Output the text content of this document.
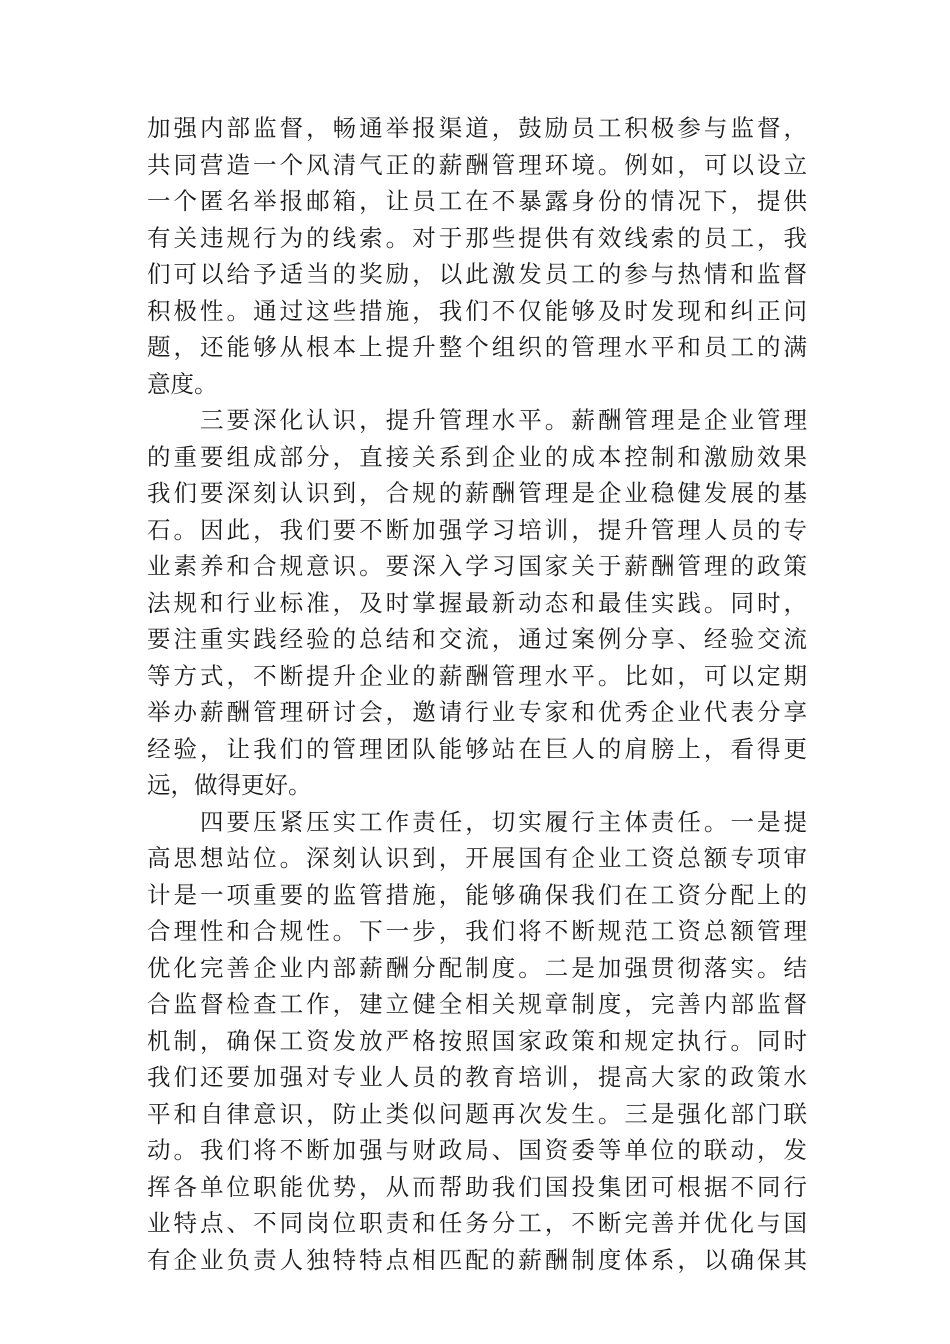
加强内部监督，畅通举报渠道，鼓励员工积极参与监督，
共同营造一个风清气正的薪酬管理环境。例如，可以设立
一个匿名举报邮箱，让员工在不暴露身份的情况下，提供
有关违规行为的线索。对于那些提供有效线索的员工，我
们可以给予适当的奖励，以此激发员工的参与热情和监督
积极性。通过这些措施，我们不仅能够及时发现和纠正问
题，还能够从根本上提升整个组织的管理水平和员工的满
意度。
　　三要深化认识，提升管理水平。薪酬管理是企业管理
的重要组成部分，直接关系到企业的成本控制和激励效果
我们要深刻认识到，合规的薪酬管理是企业稳健发展的基
石。因此，我们要不断加强学习培训，提升管理人员的专
业素养和合规意识。要深入学习国家关于薪酬管理的政策
法规和行业标准，及时掌握最新动态和最佳实践。同时，
要注重实践经验的总结和交流，通过案例分享、经验交流
等方式，不断提升企业的薪酬管理水平。比如，可以定期
举办薪酬管理研讨会，邀请行业专家和优秀企业代表分享
经验，让我们的管理团队能够站在巨人的肩膀上，看得更
远，做得更好。
　　四要压紧压实工作责任，切实履行主体责任。一是提
高思想站位。深刻认识到，开展国有企业工资总额专项审
计是一项重要的监管措施，能够确保我们在工资分配上的
合理性和合规性。下一步，我们将不断规范工资总额管理
优化完善企业内部薪酬分配制度。二是加强贯彻落实。结
合监督检查工作，建立健全相关规章制度，完善内部监督
机制，确保工资发放严格按照国家政策和规定执行。同时
我们还要加强对专业人员的教育培训，提高大家的政策水
平和自律意识，防止类似问题再次发生。三是强化部门联
动。我们将不断加强与财政局、国资委等单位的联动，发
挥各单位职能优势，从而帮助我们国投集团可根据不同行
业特点、不同岗位职责和任务分工，不断完善并优化与国
有企业负责人独特特点相匹配的薪酬制度体系，以确保其
